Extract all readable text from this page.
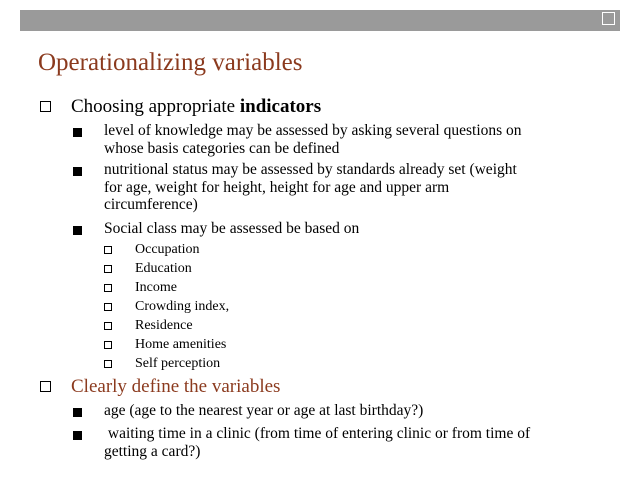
Operationalizing variables
Choosing appropriate indicators
level of knowledge may be assessed by asking several questions on
whose basis categories can be defined
nutritional status may be assessed by standards already set (weight
for age, weight for height, height for age and upper arm
circumference)
Social class may be assessed be based on
Occupation
Education
Income
Crowding index,
Residence
Home amenities
Self perception
Clearly define the variables
age (age to the nearest year or age at last birthday?)
waiting time in a clinic (from time of entering clinic or from time of
getting a card?)
